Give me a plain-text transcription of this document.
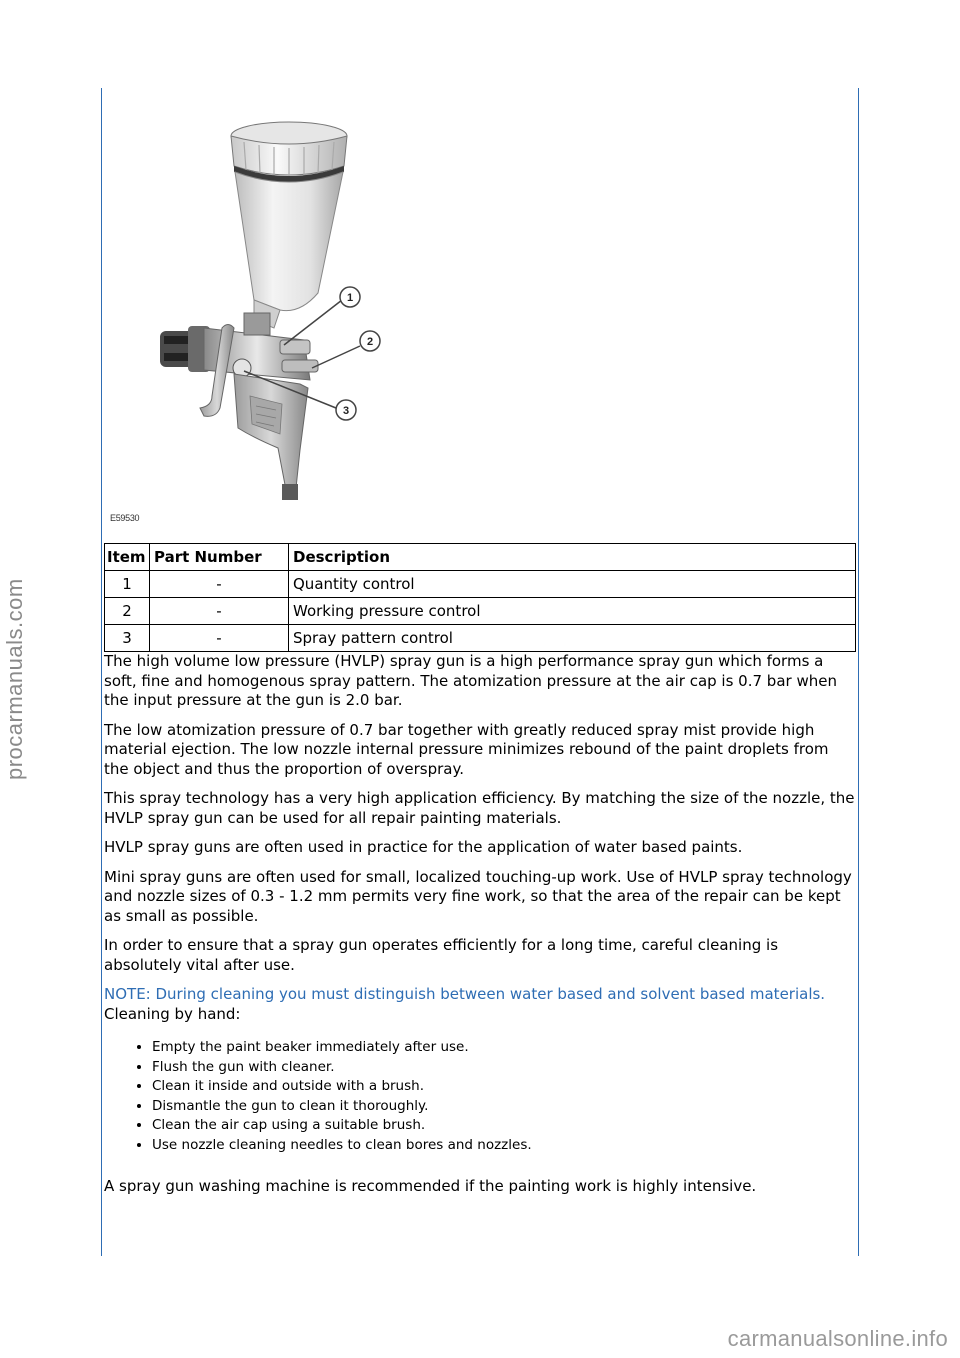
procarmanuals.com
1
2
3
E59530
Item	Part Number	Description
1	-	Quantity control
2	-	Working pressure control
3	-	Spray pattern control

The high volume low pressure (HVLP) spray gun is a high performance spray gun which forms a soft, fine and homogenous spray pattern. The atomization pressure at the air cap is 0.7 bar when the input pressure at the gun is 2.0 bar.

The low atomization pressure of 0.7 bar together with greatly reduced spray mist provide high material ejection. The low nozzle internal pressure minimizes rebound of the paint droplets from the object and thus the proportion of overspray.

This spray technology has a very high application efficiency. By matching the size of the nozzle, the HVLP spray gun can be used for all repair painting materials.

HVLP spray guns are often used in practice for the application of water based paints.

Mini spray guns are often used for small, localized touching-up work. Use of HVLP spray technology and nozzle sizes of 0.3 - 1.2 mm permits very fine work, so that the area of the repair can be kept as small as possible.

In order to ensure that a spray gun operates efficiently for a long time, careful cleaning is absolutely vital after use.

NOTE: During cleaning you must distinguish between water based and solvent based materials.

Cleaning by hand:

• Empty the paint beaker immediately after use.
• Flush the gun with cleaner.
• Clean it inside and outside with a brush.
• Dismantle the gun to clean it thoroughly.
• Clean the air cap using a suitable brush.
• Use nozzle cleaning needles to clean bores and nozzles.

A spray gun washing machine is recommended if the painting work is highly intensive.

carmanualsonline.info
